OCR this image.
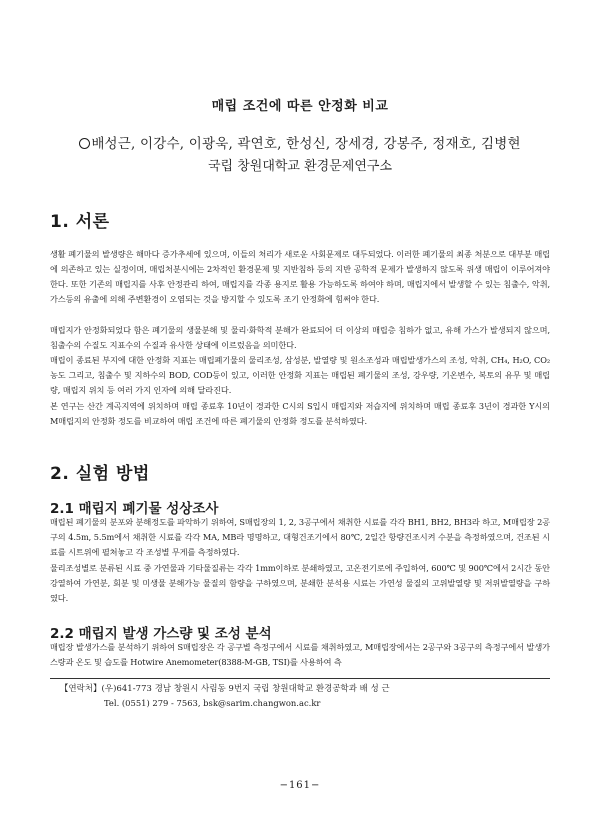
매립 조건에 따른 안정화 비교
배성근, 이강수, 이광욱, 곽연호, 한성신, 장세경, 강봉주, 정재호, 김병현
국립 창원대학교 환경문제연구소
1. 서론

생활 폐기물의 발생량은 해마다 증가추세에 있으며, 이들의 처리가 새로운 사회문제로 대두되었다. 이러한 폐기물의 최종 처분으로 대부분 매립에 의존하고 있는 실정이며, 매립처분시에는 2차적인 환경문제 및 지반침하 등의 지반 공학적 문제가 발생하지 않도록 위생 매립이 이루어져야 한다. 또한 기존의 매립지를 사후 안정관리 하여, 매립지를 각종 용지로 활용 가능하도록 하여야 하며, 매립지에서 발생할 수 있는 침출수, 악취, 가스등의 유출에 의해 주변환경이 오염되는 것을 방지할 수 있도록 조기 안정화에 힘써야 한다.

매립지가 안정화되었다 함은 폐기물의 생물분해 및 물리·화학적 분해가 완료되어 더 이상의 매립층 침하가 없고, 유해 가스가 발생되지 않으며, 침출수의 수질도 지표수의 수질과 유사한 상태에 이르렀음을 의미한다.

매립이 종료된 부지에 대한 안정화 지표는 매립폐기물의 물리조성, 삼성분, 발열량 및 원소조성과 매립발생가스의 조성, 악취, CH₄, H₂O, CO₂ 농도 그리고, 침출수 및 지하수의 BOD, COD등이 있고, 이러한 안정화 지표는 매립된 폐기물의 조성, 강우량, 기온변수, 복토의 유무 및 매립량, 매립지 위치 등 여러 가지 인자에 의해 달라진다.

본 연구는 산간 계곡지역에 위치하며 매립 종료후 10년이 경과한 C시의 S입시 매립지와 저습지에 위치하며 매립 종료후 3년이 경과한 Y시의 M매립지의 안정화 정도를 비교하여 매립 조건에 따른 폐기물의 안정화 정도를 분석하였다.

2. 실험 방법
2.1 매립지 폐기물 성상조사

매립된 폐기물의 분포와 분해정도를 파악하기 위하여, S매립장의 1, 2, 3공구에서 채취한 시료를 각각 BH1, BH2, BH3라 하고, M매립장 2공구의 4.5m, 5.5m에서 채취한 시료를 각각 MA, MB라 명명하고, 대형건조기에서 80℃, 2일간 항량건조시켜 수분을 측정하였으며, 건조된 시료를 시트위에 펼쳐놓고 각 조성별 무게를 측정하였다.

물리조성별로 분류된 시료 중 가연물과 기타물질류는 각각 1mm이하로 분쇄하였고, 고온전기로에 주입하여, 600℃ 및 900℃에서 2시간 동안 강열하여 가연분, 회분 및 미생물 분해가능 물질의 함량을 구하였으며, 분쇄한 분석용 시료는 가연성 물질의 고위발열량 및 저위발열량을 구하였다.

2.2 매립지 발생 가스량 및 조성 분석

매립장 발생가스를 분석하기 위하여 S매립장은 각 공구별 측정구에서 시료를 채취하였고, M매립장에서는 2공구와 3공구의 측정구에서 발생가스량과 온도 및 습도를 Hotwire Anemometer(8388-M-GB, TSI)를 사용하여 측

【연락처】(우)641-773 경남 창원시 사림동 9번지 국립 창원대학교 환경공학과 배 성 근
Tel. (0551) 279 - 7563, bsk@sarim.changwon.ac.kr
−161−
